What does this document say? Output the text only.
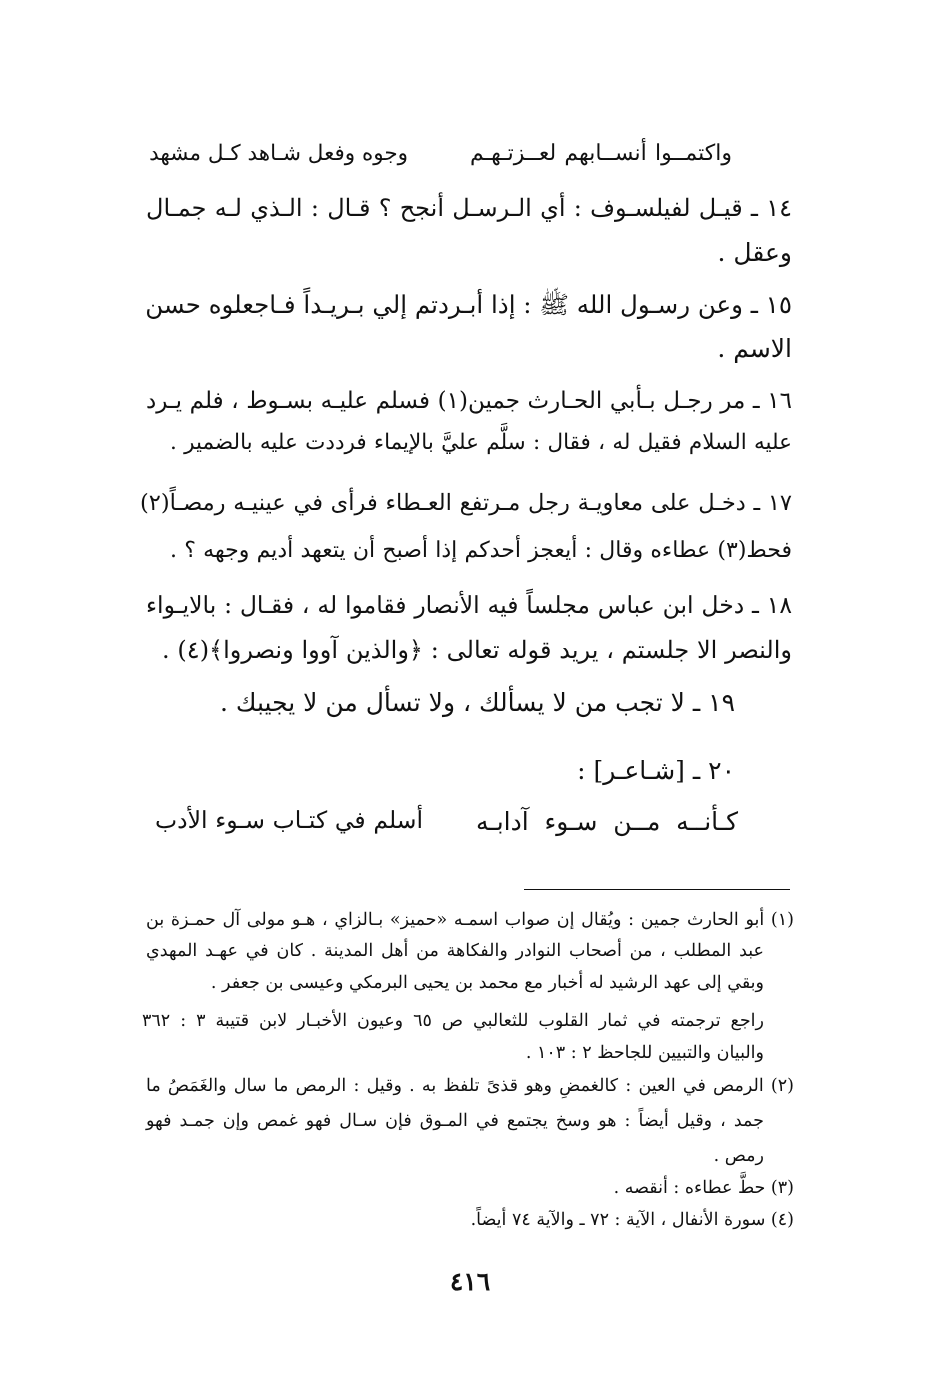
واكتمــوا أنســابهم لعــزتـهـم
وجوه وفعل شـاهد كـل مشهد
١٤ ـ قيـل لفيلسـوف : أي الـرسـل أنجح ؟ قـال : الـذي لـه جمـال
وعقل .
١٥ ـ وعن رسـول الله ﷺ : إذا أبـردتم إلي بـريـداً فـاجعلوه حسن
الاسم .
١٦ ـ مر رجـل بـأبي الحـارث جمين(١) فسلم عليـه بسـوط ، فلم يـرد
عليه السلام فقيل له ، فقال : سلَّم عليَّ بالإيماء فرددت عليه بالضمير .
١٧ ـ دخـل على معاويـة رجل مـرتفع العـطاء فرأى في عينيـه رمصـاً(٢)
فحط(٣) عطاءه وقال : أيعجز أحدكم إذا أصبح أن يتعهد أديم وجهه ؟ .
١٨ ـ دخل ابن عباس مجلساً فيه الأنصار فقاموا له ، فقـال : بالايـواء
والنصر الا جلستم ، يريد قوله تعالى : ﴿والذين آووا ونصروا﴾(٤) .
١٩ ـ لا تجب من لا يسألك ، ولا تسأل من لا يجيبك .
٢٠ ـ [شـاعـر] :
كـأنــه مــن سـوء آدابـه
أسلم في كتـاب سـوء الأدب
(١) أبو الحارث جمين : ويُقال إن صواب اسمـه «حميز» بـالزاي ، هـو مولى آل حمـزة بن
عبد المطلب ، من أصحاب النوادر والفكاهة من أهل المدينة . كان في عهـد المهدي
وبقي إلى عهد الرشيد له أخبار مع محمد بن يحيى البرمكي وعيسى بن جعفر .
راجع ترجمته في ثمار القلوب للثعالبي ص ٦٥ وعيون الأخبـار لابن قتيبة ٣ : ٣٦٢
والبيان والتبيين للجاحظ ٢ : ١٠٣ .
(٢) الرمص في العين : كالغمضِ وهو قذىً تلفظ به . وقيل : الرمص ما سال والغَمَصُ ما
جمد ، وقيل أيضاً : هو وسخ يجتمع في المـوق فإن سـال فهو غمص وإن جمـد فهو
رمص .
(٣) حطَّ عطاءه : أنقصه .
(٤) سورة الأنفال ، الآية : ٧٢ ـ والآية ٧٤ أيضاً.
٤١٦
